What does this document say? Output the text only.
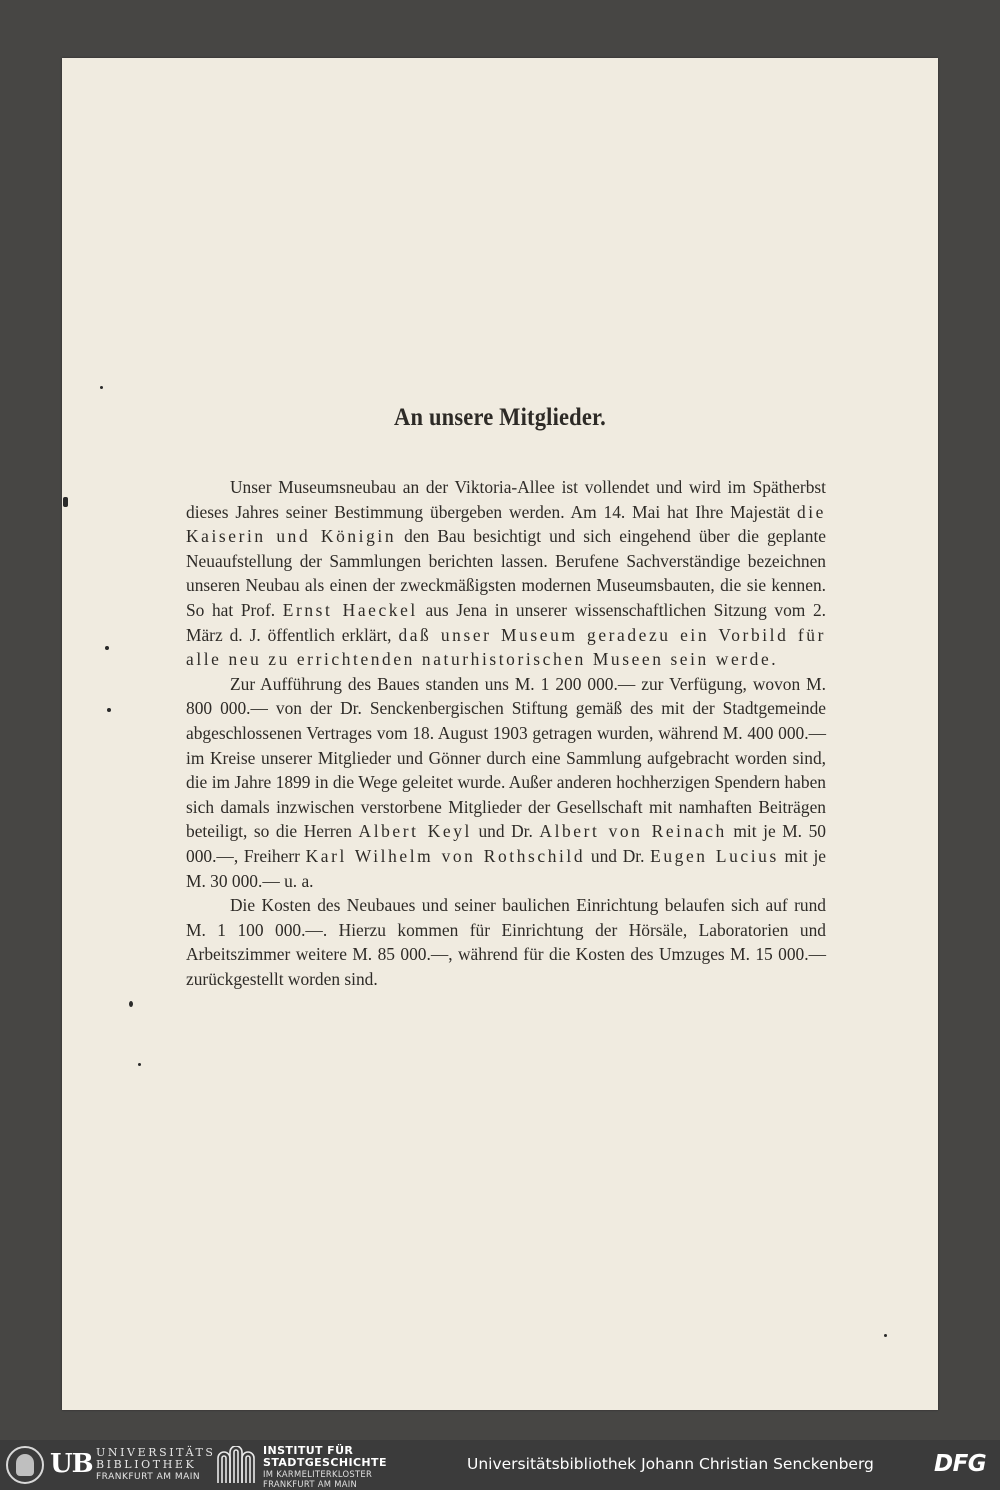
An unsere Mitglieder.

Unser Museumsneubau an der Viktoria-Allee ist vollendet und wird im Spätherbst dieses Jahres seiner Bestimmung übergeben werden. Am 14. Mai hat Ihre Majestät die Kaiserin und Königin den Bau besichtigt und sich eingehend über die geplante Neuaufstellung der Sammlungen berichten lassen. Berufene Sachverständige bezeichnen unseren Neubau als einen der zweckmäßigsten modernen Museumsbauten, die sie kennen. So hat Prof. Ernst Haeckel aus Jena in unserer wissenschaftlichen Sitzung vom 2. März d. J. öffentlich erklärt, daß unser Museum geradezu ein Vorbild für alle neu zu errichtenden naturhistorischen Museen sein werde.

Zur Aufführung des Baues standen uns M. 1 200 000.— zur Verfügung, wovon M. 800 000.— von der Dr. Senckenbergischen Stiftung gemäß des mit der Stadtgemeinde abgeschlossenen Vertrages vom 18. August 1903 getragen wurden, während M. 400 000.— im Kreise unserer Mitglieder und Gönner durch eine Sammlung aufgebracht worden sind, die im Jahre 1899 in die Wege geleitet wurde. Außer anderen hochherzigen Spendern haben sich damals inzwischen verstorbene Mitglieder der Gesellschaft mit namhaften Beiträgen beteiligt, so die Herren Albert Keyl und Dr. Albert von Reinach mit je M. 50 000.—, Freiherr Karl Wilhelm von Rothschild und Dr. Eugen Lucius mit je M. 30 000.— u. a.

Die Kosten des Neubaues und seiner baulichen Einrichtung belaufen sich auf rund M. 1 100 000.—. Hierzu kommen für Einrichtung der Hörsäle, Laboratorien und Arbeitszimmer weitere M. 85 000.—, während für die Kosten des Umzuges M. 15 000.— zurückgestellt worden sind.

UB UNIVERSITÄTS
BIBLIOTHEK
FRANKFURT AM MAIN
INSTITUT FÜR
STADTGESCHICHTE
IM KARMELITERKLOSTER
FRANKFURT AM MAIN
Universitätsbibliothek Johann Christian Senckenberg	DFG
